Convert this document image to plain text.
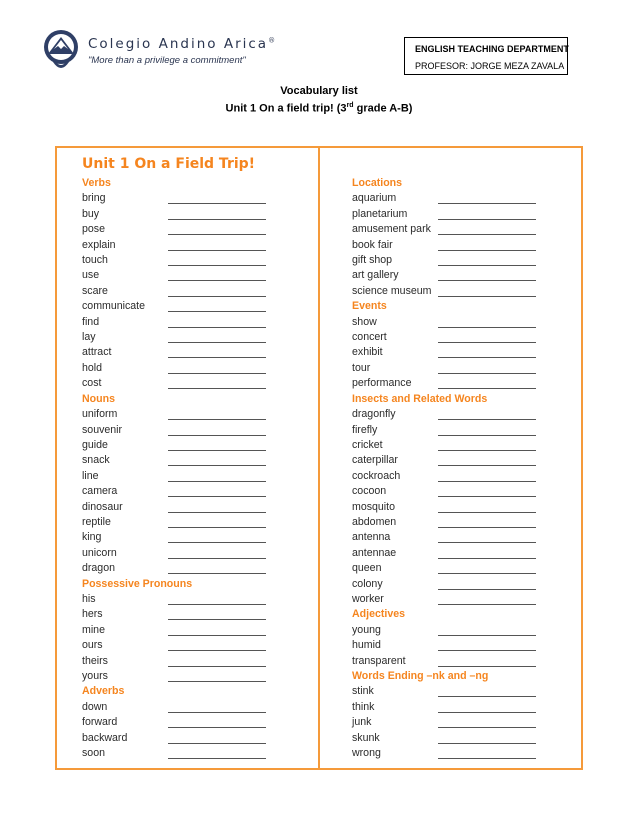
Colegio Andino Arica®
"More than a privilege a commitment"
ENGLISH TEACHING DEPARTMENT
PROFESOR: JORGE MEZA ZAVALA
Vocabulary list
Unit 1 On a field trip! (3rd grade A-B)
Unit 1 On a Field Trip!
Verbs
bring
buy
pose
explain
touch
use
scare
communicate
find
lay
attract
hold
cost
Nouns
uniform
souvenir
guide
snack
line
camera
dinosaur
reptile
king
unicorn
dragon
Possessive Pronouns
his
hers
mine
ours
theirs
yours
Adverbs
down
forward
backward
soon
Locations
aquarium
planetarium
amusement park
book fair
gift shop
art gallery
science museum
Events
show
concert
exhibit
tour
performance
Insects and Related Words
dragonfly
firefly
cricket
caterpillar
cockroach
cocoon
mosquito
abdomen
antenna
antennae
queen
colony
worker
Adjectives
young
humid
transparent
Words Ending –nk and –ng
stink
think
junk
skunk
wrong
